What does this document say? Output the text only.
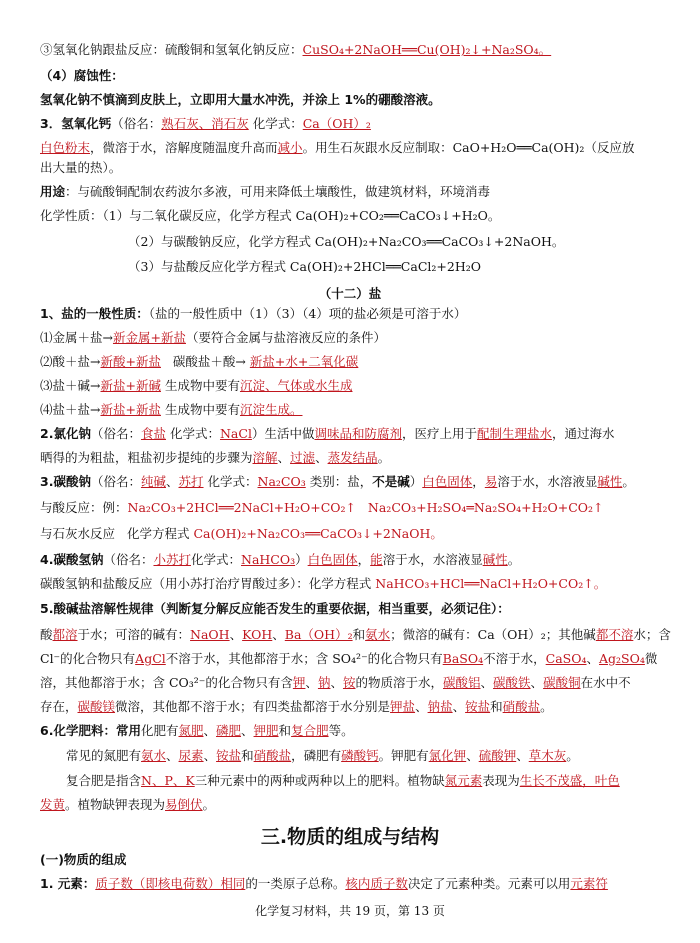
③氢氧化钠跟盐反应：硫酸铜和氢氧化钠反应：CuSO₄+2NaOH══Cu(OH)₂↓+Na₂SO₄。
（4）腐蚀性：
氢氧化钠不慎滴到皮肤上，立即用大量水冲洗，并涂上 1%的硼酸溶液。
3．氢氧化钙（俗名：熟石灰、消石灰 化学式：Ca（OH）₂
白色粉末，微溶于水，溶解度随温度升高而减小。用生石灰跟水反应制取：CaO+H₂O══Ca(OH)₂（反应放
出大量的热）。
用途：与硫酸铜配制农药波尔多液，可用来降低土壤酸性，做建筑材料，环境消毒
化学性质：（1）与二氧化碳反应，化学方程式 Ca(OH)₂+CO₂══CaCO₃↓+H₂O。
（2）与碳酸钠反应，化学方程式 Ca(OH)₂+Na₂CO₃══CaCO₃↓+2NaOH。
（3）与盐酸反应化学方程式 Ca(OH)₂+2HCl══CaCl₂+2H₂O
（十二）盐
1、盐的一般性质：（盐的一般性质中（1）（3）（4）项的盐必须是可溶于水）
⑴金属＋盐→新金属+新盐（要符合金属与盐溶液反应的条件）
⑵酸＋盐→新酸+新盐 碳酸盐＋酸→ 新盐+水+二氧化碳
⑶盐＋碱→新盐+新碱 生成物中要有沉淀、气体或水生成
⑷盐＋盐→新盐+新盐 生成物中要有沉淀生成。
2.氯化钠（俗名：食盐 化学式：NaCl）生活中做调味品和防腐剂，医疗上用于配制生理盐水，通过海水
晒得的为粗盐，粗盐初步提纯的步骤为溶解、过滤、蒸发结晶。
3.碳酸钠（俗名：纯碱、苏打 化学式：Na₂CO₃ 类别：盐，不是碱）白色固体，易溶于水，水溶液显碱性。
与酸反应：例：Na₂CO₃+2HCl══2NaCl+H₂O+CO₂↑ Na₂CO₃+H₂SO₄═Na₂SO₄+H₂O+CO₂↑
与石灰水反应 化学方程式 Ca(OH)₂+Na₂CO₃══CaCO₃↓+2NaOH。
4.碳酸氢钠（俗名：小苏打化学式：NaHCO₃）白色固体，能溶于水，水溶液显碱性。
碳酸氢钠和盐酸反应（用小苏打治疗胃酸过多）：化学方程式 NaHCO₃+HCl══NaCl+H₂O+CO₂↑。
5.酸碱盐溶解性规律（判断复分解反应能否发生的重要依据，相当重要，必须记住）：
酸都溶于水；可溶的碱有：NaOH、KOH、Ba（OH）₂和氨水；微溶的碱有：Ca（OH）₂；其他碱都不溶水；含
Cl⁻的化合物只有AgCl不溶于水，其他都溶于水；含 SO₄²⁻的化合物只有BaSO₄不溶于水，CaSO₄、Ag₂SO₄微
溶，其他都溶于水；含 CO₃²⁻的化合物只有含钾、钠、铵的物质溶于水，碳酸铝、碳酸铁、碳酸铜在水中不
存在，碳酸镁微溶，其他都不溶于水；有四类盐都溶于水分别是钾盐、钠盐、铵盐和硝酸盐。
6.化学肥料：常用化肥有氮肥、磷肥、钾肥和复合肥等。
常见的氮肥有氨水、尿素、铵盐和硝酸盐，磷肥有磷酸钙。钾肥有氯化钾、硫酸钾、草木灰。
复合肥是指含N、P、K三种元素中的两种或两种以上的肥料。植物缺氮元素表现为生长不茂盛，叶色
发黄。植物缺钾表现为易倒伏。
三.物质的组成与结构
(一)物质的组成
1. 元素：质子数（即核电荷数）相同的一类原子总称。核内质子数决定了元素种类。元素可以用元素符
化学复习材料，共 19 页，第 13 页
